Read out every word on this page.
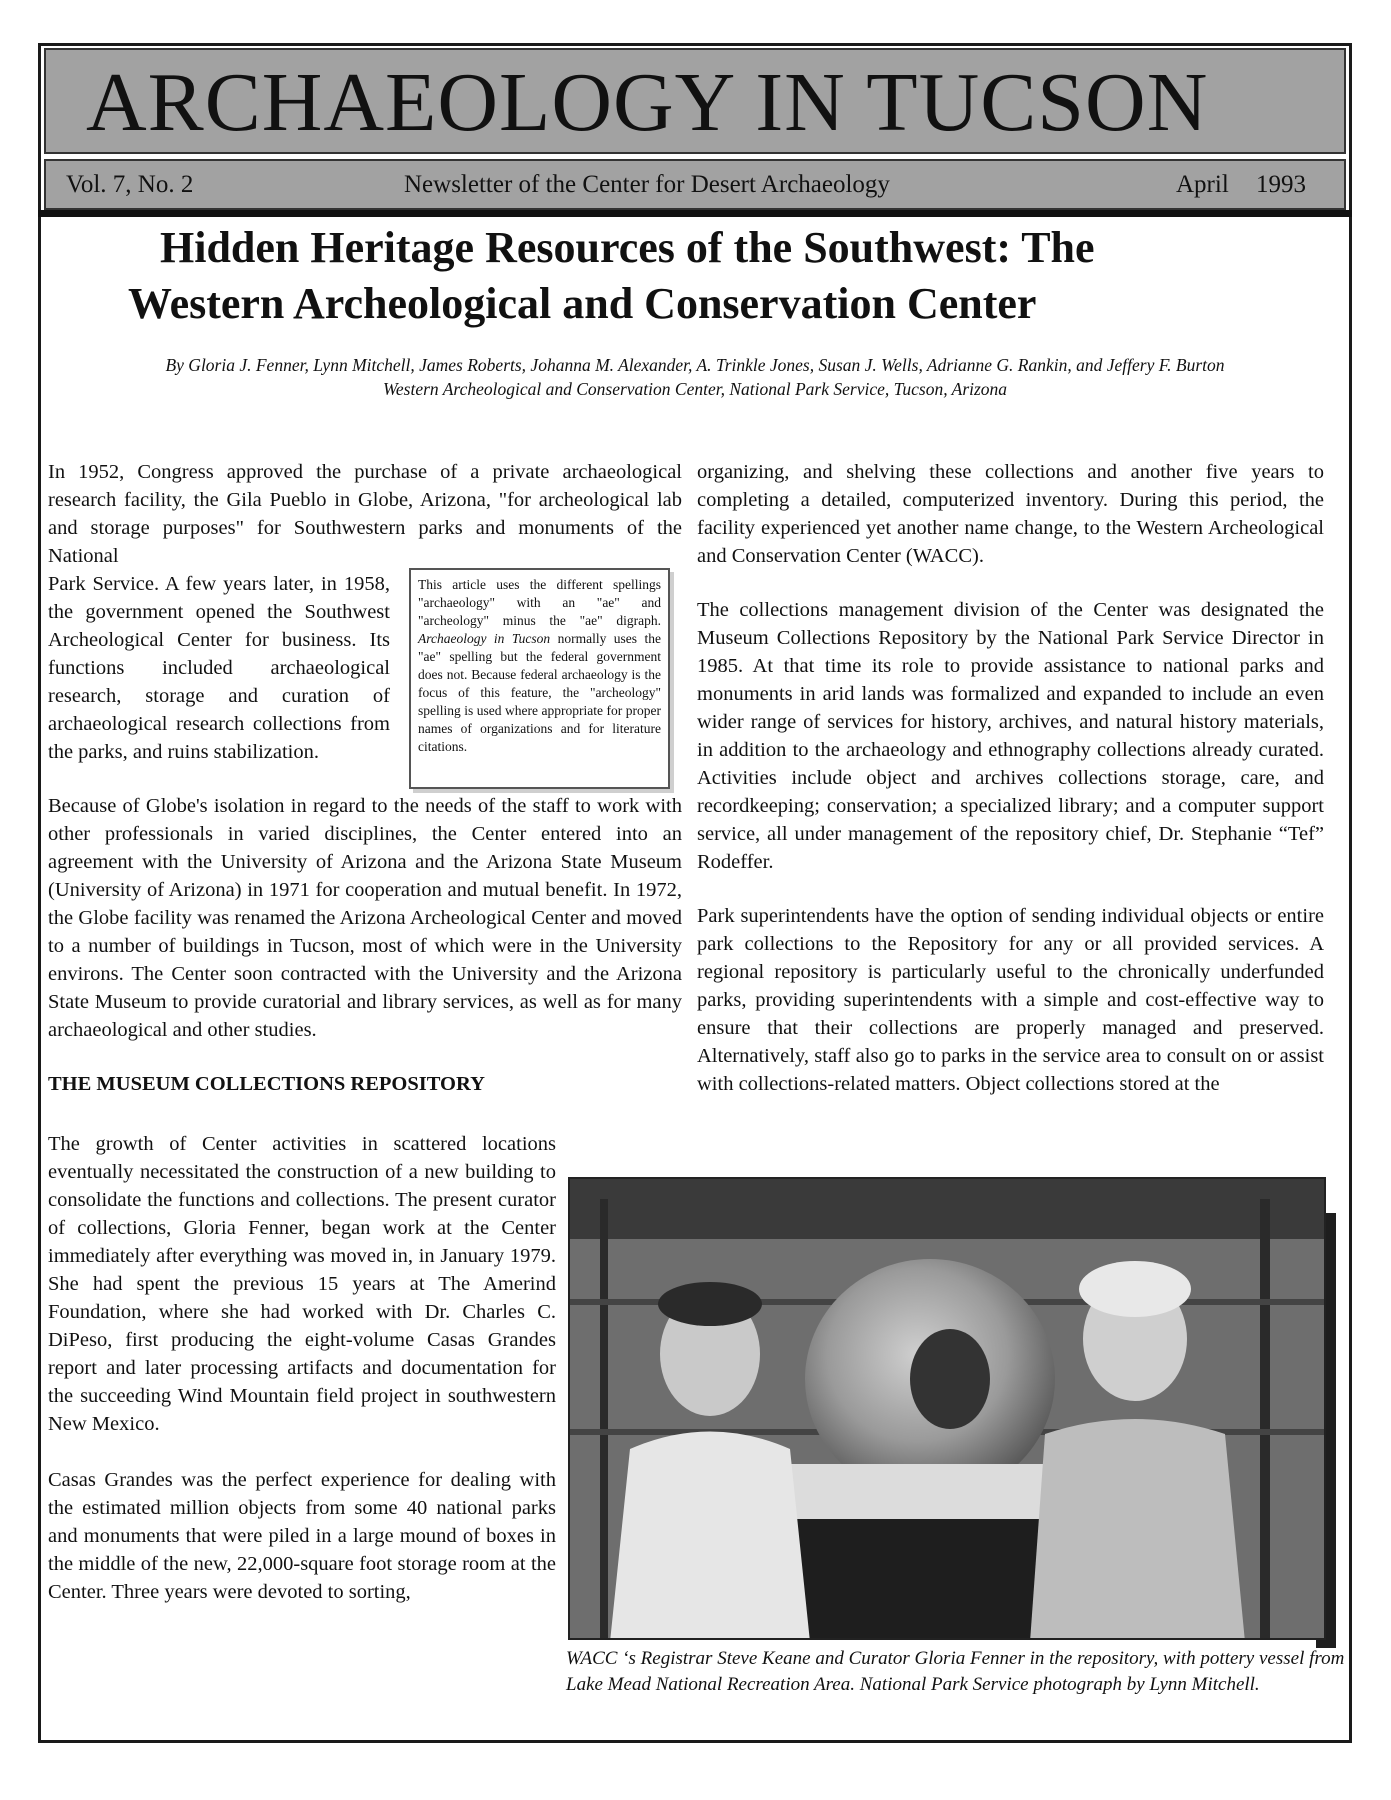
ARCHAEOLOGY IN TUCSON
Vol. 7, No. 2	Newsletter of the Center for Desert Archaeology	April 1993
Hidden Heritage Resources of the Southwest: The
Western Archeological and Conservation Center
By Gloria J. Fenner, Lynn Mitchell, James Roberts, Johanna M. Alexander, A. Trinkle Jones, Susan J. Wells, Adrianne G. Rankin, and Jeffery F. Burton
Western Archeological and Conservation Center, National Park Service, Tucson, Arizona

In 1952, Congress approved the purchase of a private archaeological research facility, the Gila Pueblo in Globe, Arizona, "for archeological lab and storage purposes" for Southwestern parks and monuments of the National

Park Service. A few years later, in 1958, the government opened the Southwest Archeological Center for business. Its functions included archaeological research, storage and curation of archaeological research collections from the parks, and ruins stabilization.

Because of Globe's isolation in regard to the needs of the staff to work with other professionals in varied disciplines, the Center entered into an agreement with the University of Arizona and the Arizona State Museum (University of Arizona) in 1971 for cooperation and mutual benefit. In 1972, the Globe facility was renamed the Arizona Archeological Center and moved to a number of buildings in Tucson, most of which were in the University environs. The Center soon contracted with the University and the Arizona State Museum to provide curatorial and library services, as well as for many archaeological and other studies.

THE MUSEUM COLLECTIONS REPOSITORY

The growth of Center activities in scattered locations eventually necessitated the construction of a new building to consolidate the functions and collections. The present curator of collections, Gloria Fenner, began work at the Center immediately after everything was moved in, in January 1979. She had spent the previous 15 years at The Amerind Foundation, where she had worked with Dr. Charles C. DiPeso, first producing the eight-volume Casas Grandes report and later processing artifacts and documentation for the succeeding Wind Mountain field project in southwestern New Mexico.

Casas Grandes was the perfect experience for dealing with the estimated million objects from some 40 national parks and monuments that were piled in a large mound of boxes in the middle of the new, 22,000-square foot storage room at the Center. Three years were devoted to sorting,

This article uses the different spellings "archaeology" with an "ae" and "archeology" minus the "ae" digraph. Archaeology in Tucson normally uses the "ae" spelling but the federal government does not. Because federal archaeology is the focus of this feature, the "archeology" spelling is used where appropriate for proper names of organizations and for literature citations.

organizing, and shelving these collections and another five years to completing a detailed, computerized inventory. During this period, the facility experienced yet another name change, to the Western Archeological and Conservation Center (WACC).

The collections management division of the Center was designated the Museum Collections Repository by the National Park Service Director in 1985. At that time its role to provide assistance to national parks and monuments in arid lands was formalized and expanded to include an even wider range of services for history, archives, and natural history materials, in addition to the archaeology and ethnography collections already curated. Activities include object and archives collections storage, care, and recordkeeping; conservation; a specialized library; and a computer support service, all under management of the repository chief, Dr. Stephanie “Tef” Rodeffer.

Park superintendents have the option of sending individual objects or entire park collections to the Repository for any or all provided services. A regional repository is particularly useful to the chronically underfunded parks, providing superintendents with a simple and cost-effective way to ensure that their collections are properly managed and preserved. Alternatively, staff also go to parks in the service area to consult on or assist with collections-related matters. Object collections stored at the

WACC ‘s Registrar Steve Keane and Curator Gloria Fenner in the repository, with pottery vessel from Lake Mead National Recreation Area. National Park Service photograph by Lynn Mitchell.
